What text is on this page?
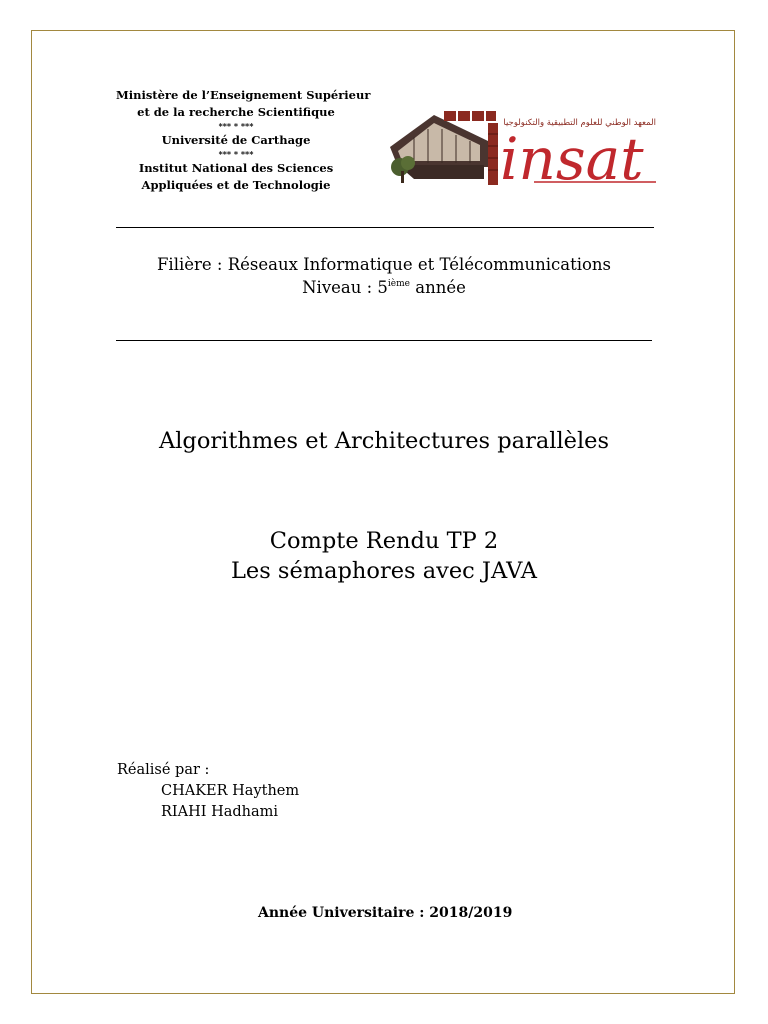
Ministère de l’Enseignement Supérieur
et de la recherche Scientifique
*** * ***
Université de Carthage
*** * ***
Institut National des Sciences
Appliquées et de Technologie
المعهد الوطني للعلوم التطبيقية والتكنولوجيا
insat
Filière : Réseaux Informatique et Télécommunications
Niveau : 5ième année
Algorithmes et Architectures parallèles
Compte Rendu TP 2
Les sémaphores avec JAVA
Réalisé par :
CHAKER Haythem
RIAHI Hadhami
Année Universitaire : 2018/2019
